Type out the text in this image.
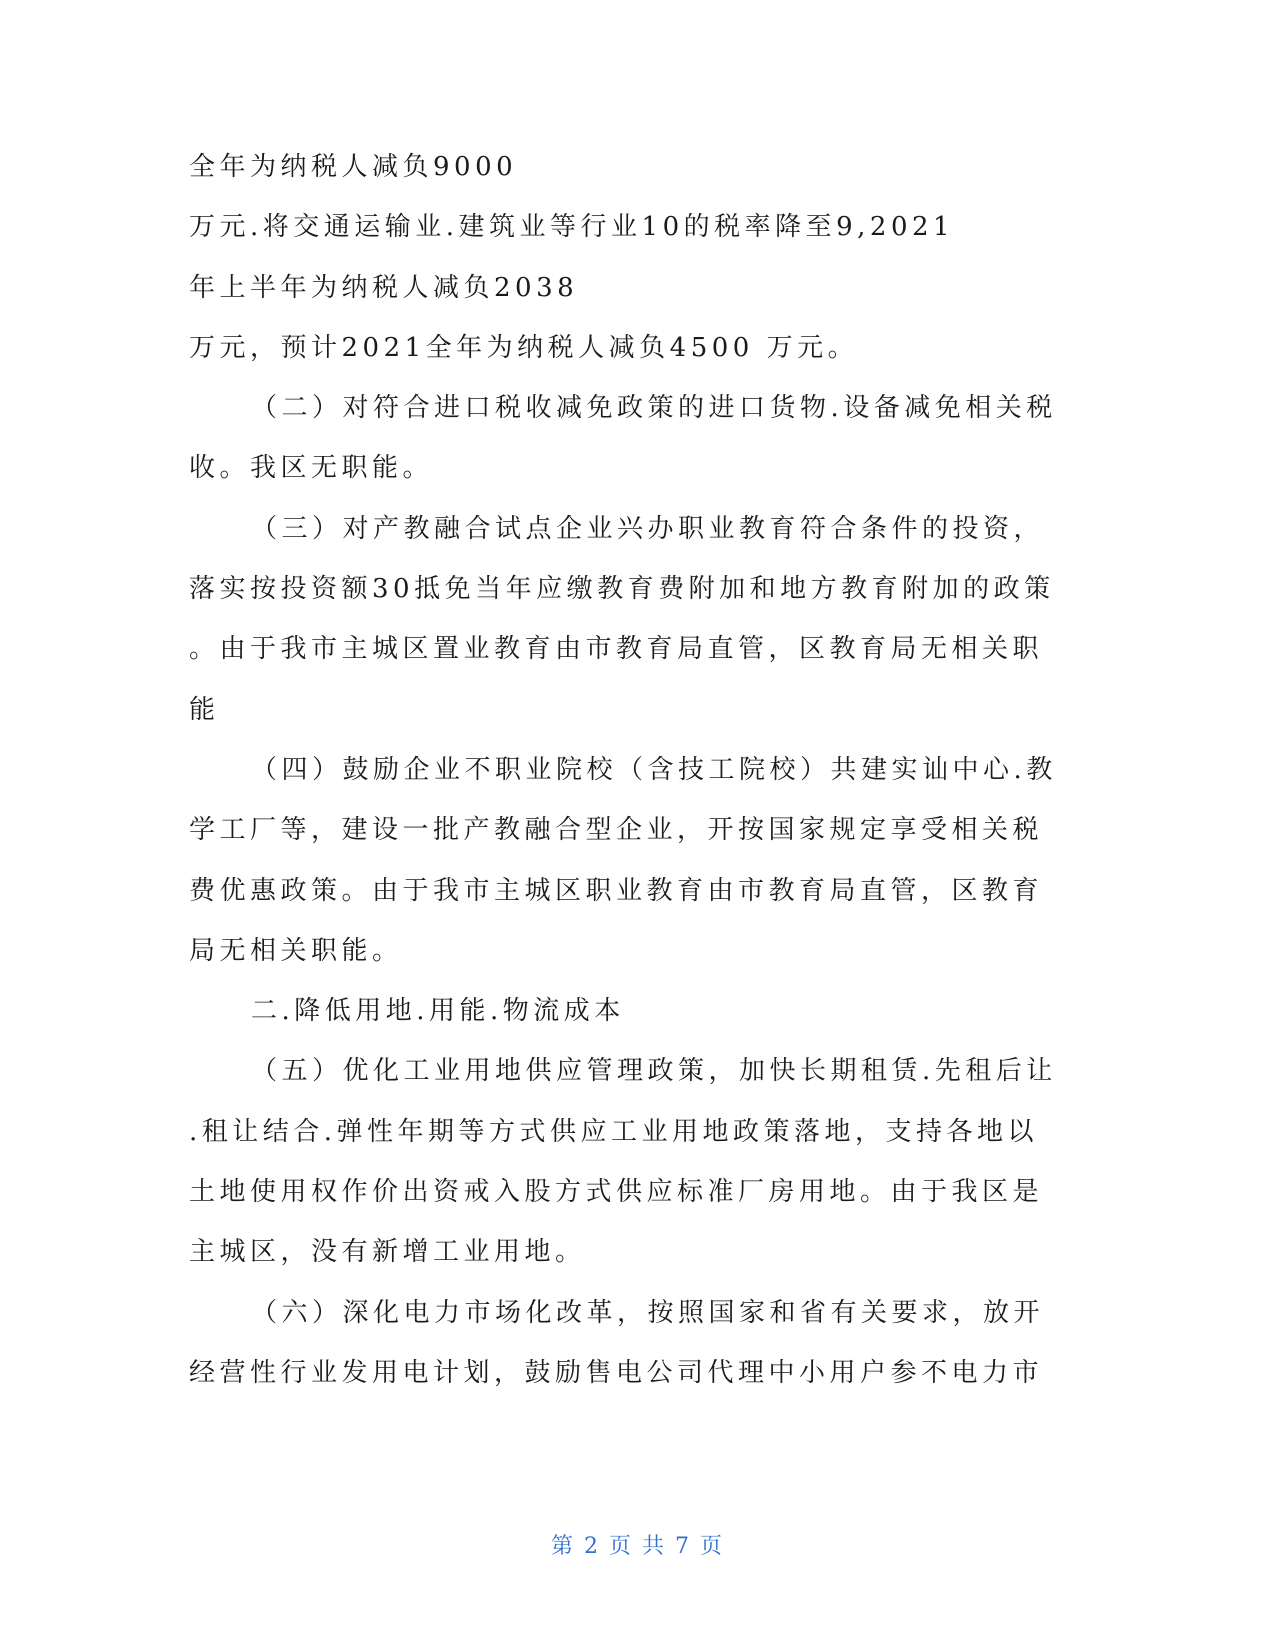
全年为纳税人减负9000
万元.将交通运输业.建筑业等行业10的税率降至9,2021
年上半年为纳税人减负2038
万元，预计2021全年为纳税人减负4500 万元。
（二）对符合进口税收减免政策的进口货物.设备减免相关税
收。我区无职能。
（三）对产教融合试点企业兴办职业教育符合条件的投资，
落实按投资额30抵免当年应缴教育费附加和地方教育附加的政策
。由于我市主城区置业教育由市教育局直管，区教育局无相关职
能
（四）鼓励企业不职业院校（含技工院校）共建实讪中心.教
学工厂等，建设一批产教融合型企业，开按国家规定享受相关税
费优惠政策。由于我市主城区职业教育由市教育局直管，区教育
局无相关职能。
二.降低用地.用能.物流成本
（五）优化工业用地供应管理政策，加快长期租赁.先租后让
.租让结合.弹性年期等方式供应工业用地政策落地，支持各地以
土地使用权作价出资戒入股方式供应标准厂房用地。由于我区是
主城区，没有新增工业用地。
（六）深化电力市场化改革，按照国家和省有关要求，放开
经营性行业发用电计划，鼓励售电公司代理中小用户参不电力市
第 2 页 共 7 页
